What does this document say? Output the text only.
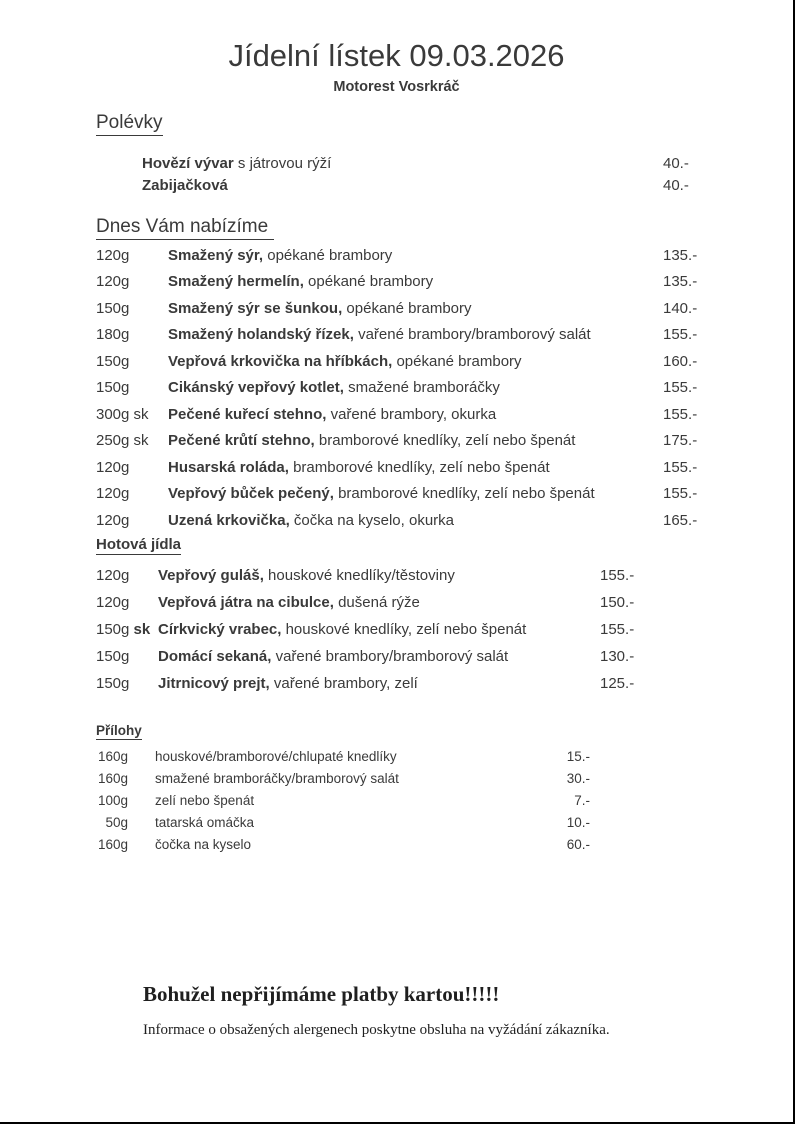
Jídelní lístek 09.03.2026
Motorest Vosrkráč
Polévky
Hovězí vývar s játrovou rýží	40.-
Zabijačková	40.-
Dnes Vám nabízíme
120g	Smažený sýr, opékané brambory	135.-
120g	Smažený hermelín, opékané brambory	135.-
150g	Smažený sýr se šunkou, opékané brambory	140.-
180g	Smažený holandský řízek, vařené brambory/bramborový salát	155.-
150g	Vepřová krkovička na hříbkách, opékané brambory	160.-
150g	Cikánský vepřový kotlet, smažené bramboráčky	155.-
300g sk	Pečené kuřecí stehno, vařené brambory, okurka	155.-
250g sk	Pečené krůtí stehno, bramborové knedlíky, zelí nebo špenát	175.-
120g	Husarská roláda, bramborové knedlíky, zelí nebo špenát	155.-
120g	Vepřový bůček pečený, bramborové knedlíky, zelí nebo špenát	155.-
120g	Uzená krkovička, čočka na kyselo, okurka	165.-
Hotová jídla
120g	Vepřový guláš, houskové knedlíky/těstoviny	155.-
120g	Vepřová játra na cibulce, dušená rýže	150.-
150g sk Církvický vrabec, houskové knedlíky, zelí nebo špenát	155.-
150g	Domácí sekaná, vařené brambory/bramborový salát	130.-
150g	Jitrnicový prejt, vařené brambory, zelí	125.-
Přílohy
160g	houskové/bramborové/chlupaté knedlíky	15.-
160g	smažené bramboráčky/bramborový salát	30.-
100g	zelí nebo špenát	7.-
50g	tatarská omáčka	10.-
160g	čočka na kyselo	60.-
Bohužel nepřijímáme platby kartou!!!!!
Informace o obsažených alergenech poskytne obsluha na vyžádání zákazníka.
